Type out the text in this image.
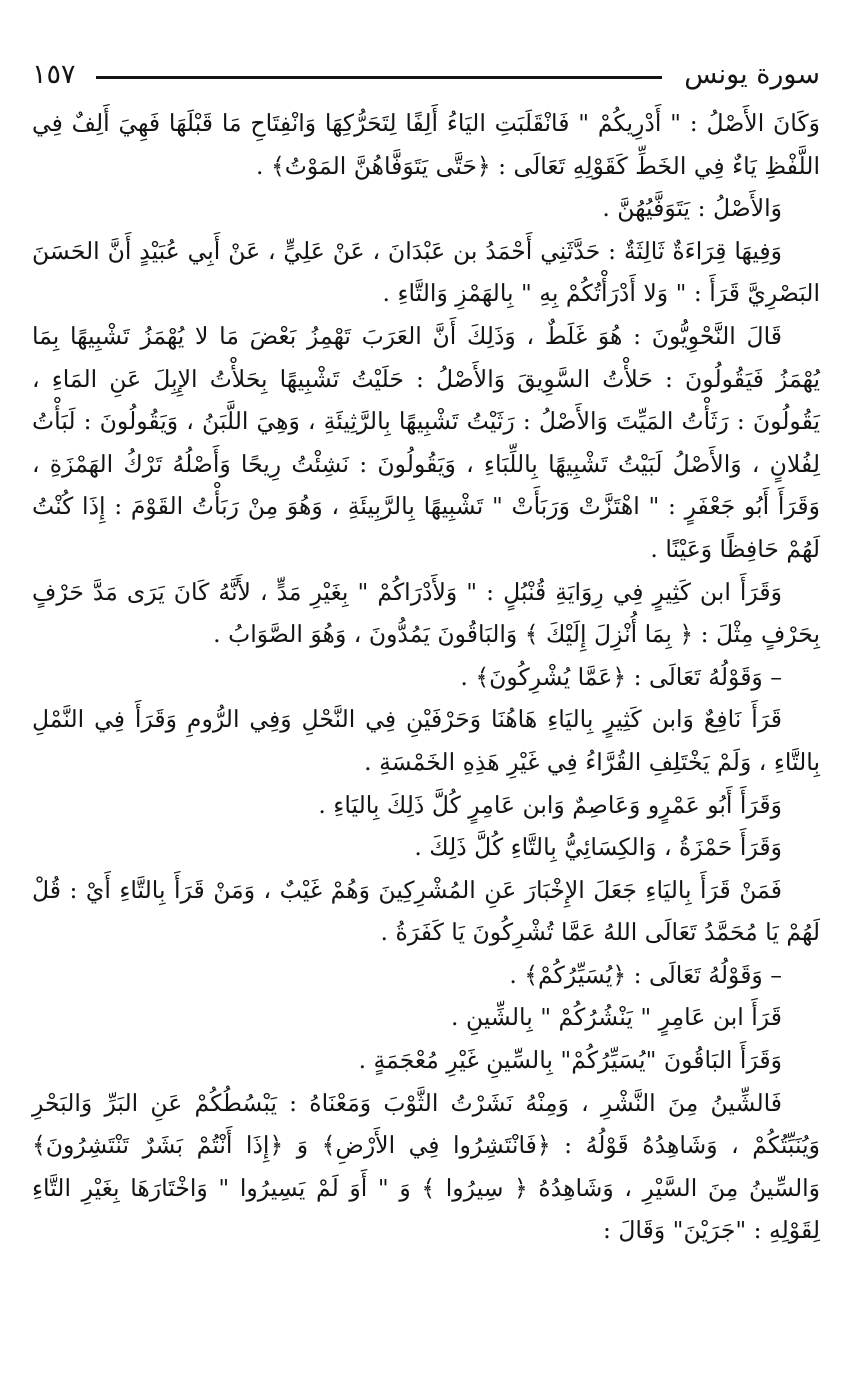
سورة يونس
١٥٧

وَكَانَ الأَصْلُ : " أَدْرِيكُمْ " فَانْقَلَبَتِ اليَاءُ أَلِفًا لِتَحَرُّكِهَا وَانْفِتَاحِ مَا قَبْلَهَا فَهِيَ أَلِفٌ فِي اللَّفْظِ يَاءٌ فِي الخَطِّ كَقَوْلِهِ تَعَالَى : ﴿حَتَّى يَتَوَفَّاهُنَّ المَوْتُ﴾ .

وَالأَصْلُ : يَتَوَفَّيُهُنَّ .

وَفِيهَا قِرَاءَةٌ ثَالِثَةٌ : حَدَّثَنِي أَحْمَدُ بن عَبْدَانَ ، عَنْ عَلِيٍّ ، عَنْ أَبِي عُبَيْدٍ أَنَّ الحَسَنَ البَصْرِيَّ قَرَأَ : " وَلا أَدْرَأْتُكُمْ بِهِ " بِالهَمْزِ وَالتَّاءِ .

قَالَ النَّحْوِيُّونَ : هُوَ غَلَطٌ ، وَذَلِكَ أَنَّ العَرَبَ تَهْمِزُ بَعْضَ مَا لا يُهْمَزُ تَشْبِيهًا بِمَا يُهْمَزُ فَيَقُولُونَ : حَلأْتُ السَّوِيقَ وَالأَصْلُ : حَلَيْتُ تَشْبِيهًا بِحَلأْتُ الإِبِلَ عَنِ المَاءِ ، يَقُولُونَ : رَثَأْتُ المَيِّتَ وَالأَصْلُ : رَثَيْتُ تَشْبِيهًا بِالرَّثِيئَةِ ، وَهِيَ اللَّبَنُ ، وَيَقُولُونَ : لَبَأْتُ لِفُلانٍ ، وَالأَصْلُ لَبَيْتُ تَشْبِيهًا بِاللِّبَاءِ ، وَيَقُولُونَ : نَشِئْتُ رِيحًا وَأَصْلُهُ تَرْكُ الهَمْزَةِ ، وَقَرَأَ أَبُو جَعْفَرٍ : " اهْتَزَّتْ وَرَبَأَتْ " تَشْبِيهًا بِالرَّبِيئَةِ ، وَهُوَ مِنْ رَبَأْتُ القَوْمَ : إِذَا كُنْتُ لَهُمْ حَافِظًا وَعَيْنًا .

وَقَرَأَ ابن كَثِيرٍ فِي رِوَايَةِ قُنْبُلٍ : " وَلأَدْرَاكُمْ " بِغَيْرِ مَدٍّ ، لأَنَّهُ كَانَ يَرَى مَدَّ حَرْفٍ بِحَرْفٍ مِثْلَ : ﴿ بِمَا أُنْزِلَ إِلَيْكَ ﴾ وَالبَاقُونَ يَمُدُّونَ ، وَهُوَ الصَّوَابُ .

– وَقَوْلُهُ تَعَالَى : ﴿عَمَّا يُشْرِكُونَ﴾ .

قَرَأَ نَافِعٌ وَابن كَثِيرٍ بِاليَاءِ هَاهُنَا وَحَرْفَيْنِ فِي النَّحْلِ وَفِي الرُّومِ وَقَرَأَ فِي النَّمْلِ بِالتَّاءِ ، وَلَمْ يَخْتَلِفِ القُرَّاءُ فِي غَيْرِ هَذِهِ الخَمْسَةِ .

وَقَرَأَ أَبُو عَمْرٍو وَعَاصِمٌ وَابن عَامِرٍ كُلَّ ذَلِكَ بِاليَاءِ .

وَقَرَأَ حَمْزَةُ ، وَالكِسَائِيُّ بِالتَّاءِ كُلَّ ذَلِكَ .

فَمَنْ قَرَأَ بِاليَاءِ جَعَلَ الإِخْبَارَ عَنِ المُشْرِكِينَ وَهُمْ غَيْبٌ ، وَمَنْ قَرَأَ بِالتَّاءِ أَيْ : قُلْ لَهُمْ يَا مُحَمَّدُ تَعَالَى اللهُ عَمَّا تُشْرِكُونَ يَا كَفَرَةُ .

– وَقَوْلُهُ تَعَالَى : ﴿يُسَيِّرُكُمْ﴾ .

قَرَأَ ابن عَامِرٍ " يَنْشُرُكُمْ " بِالشِّينِ .

وَقَرَأَ البَاقُونَ "يُسَيِّرُكُمْ" بِالسِّينِ غَيْرِ مُعْجَمَةٍ .

فَالشِّينُ مِنَ النَّشْرِ ، وَمِنْهُ نَشَرْتُ الثَّوْبَ وَمَعْنَاهُ : يَبْسُطُكُمْ عَنِ البَرِّ وَالبَحْرِ وَيُنَبِّتُكُمْ ، وَشَاهِدُهُ قَوْلُهُ : ﴿فَانْتَشِرُوا فِي الأَرْضِ﴾ وَ ﴿إِذَا أَنْتُمْ بَشَرٌ تَنْتَشِرُونَ﴾ وَالسِّينُ مِنَ السَّيْرِ ، وَشَاهِدُهُ ﴿ سِيرُوا ﴾ وَ " أَوَ لَمْ يَسِيرُوا " وَاخْتَارَهَا بِغَيْرِ التَّاءِ لِقَوْلِهِ : "جَرَيْنَ" وَقَالَ :
